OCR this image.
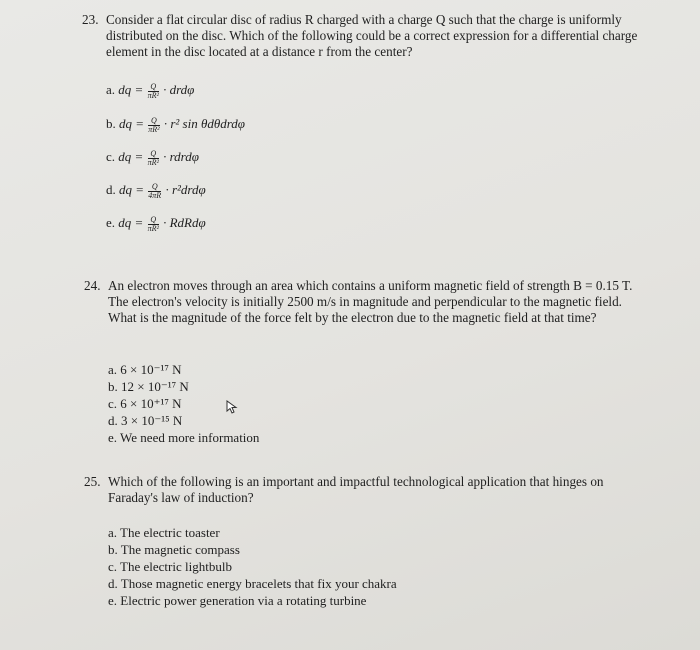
23. Consider a flat circular disc of radius R charged with a charge Q such that the charge is uniformly distributed on the disc. Which of the following could be a correct expression for a differential charge element in the disc located at a distance r from the center?
a. dq = $\frac{Q}{\text{πR²}} \cdot drd\varphi$
b. dq = $\frac{Q}{\text{πR²}} \cdot r^2$ sin θdθdrdφ
c. dq = $\frac{Q}{\text{πR²}}$ · rdrdφ
d. dq = $\frac{Q}{4\pi R} \cdot r^2drd\varphi$
e. dq = $\frac{Q}{\text{πR²}}$ · RdRdφ
24. An electron moves through an area which contains a uniform magnetic field of strength B = 0.15 T. The electron's velocity is initially 2500 m/s in magnitude and perpendicular to the magnetic field. What is the magnitude of the force felt by the electron due to the magnetic field at that time?
a. 6 × 10⁻¹⁷ N
b. 12 × 10⁻¹⁷ N
c. 6 × 10⁺¹⁷ N
d. 3 × 10⁻¹⁵ N
e. We need more information
25. Which of the following is an important and impactful technological application that hinges on Faraday's law of induction?
a. The electric toaster
b. The magnetic compass
c. The electric lightbulb
d. Those magnetic energy bracelets that fix your chakra
e. Electric power generation via a rotating turbine
